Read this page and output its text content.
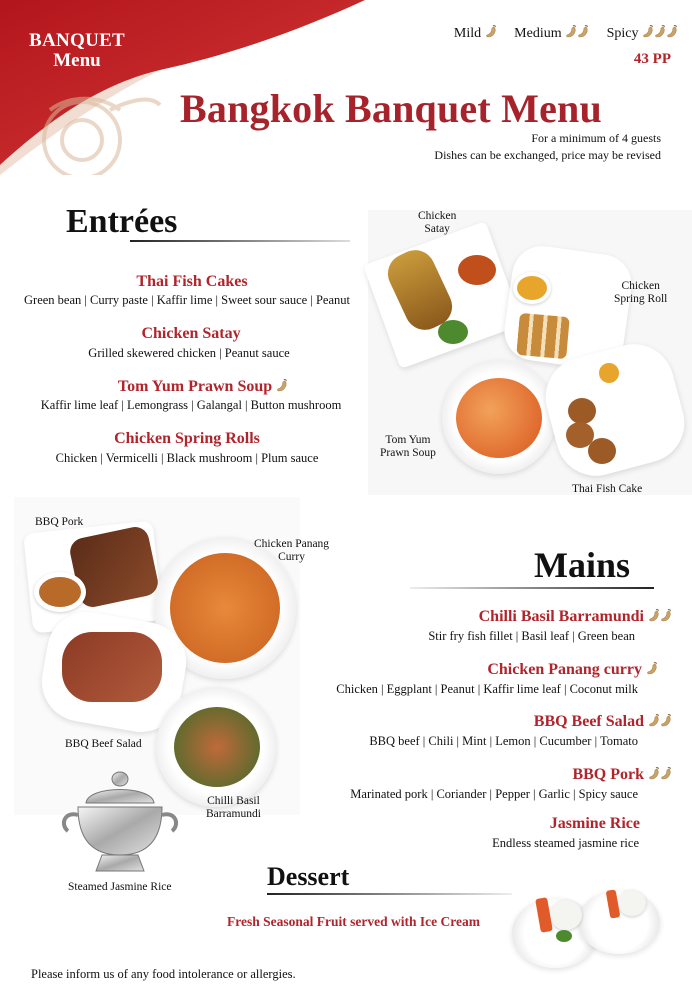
BANQUET
Menu
Mild Medium	Spicy
43 PP
Bangkok Banquet Menu
For a minimum of 4 guests
Dishes can be exchanged, price may be revised
Entrées
Thai Fish Cakes
Green bean | Curry paste | Kaffir lime | Sweet sour sauce | Peanut
Chicken Satay
Grilled skewered chicken | Peanut sauce
Tom Yum Prawn Soup
Kaffir lime leaf | Lemongrass | Galangal | Button mushroom
Chicken Spring Rolls
Chicken | Vermicelli | Black mushroom | Plum sauce
Chicken
Satay
Chicken
Spring Roll
Tom Yum
Prawn Soup
Thai Fish Cake
BBQ Pork
Chicken Panang
Curry
BBQ Beef Salad
Chilli Basil
Barramundi
Steamed Jasmine Rice
Mains
Chilli Basil Barramundi
Stir fry fish fillet | Basil leaf | Green bean
Chicken Panang curry
Chicken | Eggplant | Peanut | Kaffir lime leaf | Coconut milk
BBQ Beef Salad
BBQ beef | Chili | Mint | Lemon | Cucumber | Tomato
BBQ Pork
Marinated pork | Coriander | Pepper | Garlic | Spicy sauce
Jasmine Rice
Endless steamed jasmine rice
Dessert
Fresh Seasonal Fruit served with Ice Cream
Please inform us of any food intolerance or allergies.
